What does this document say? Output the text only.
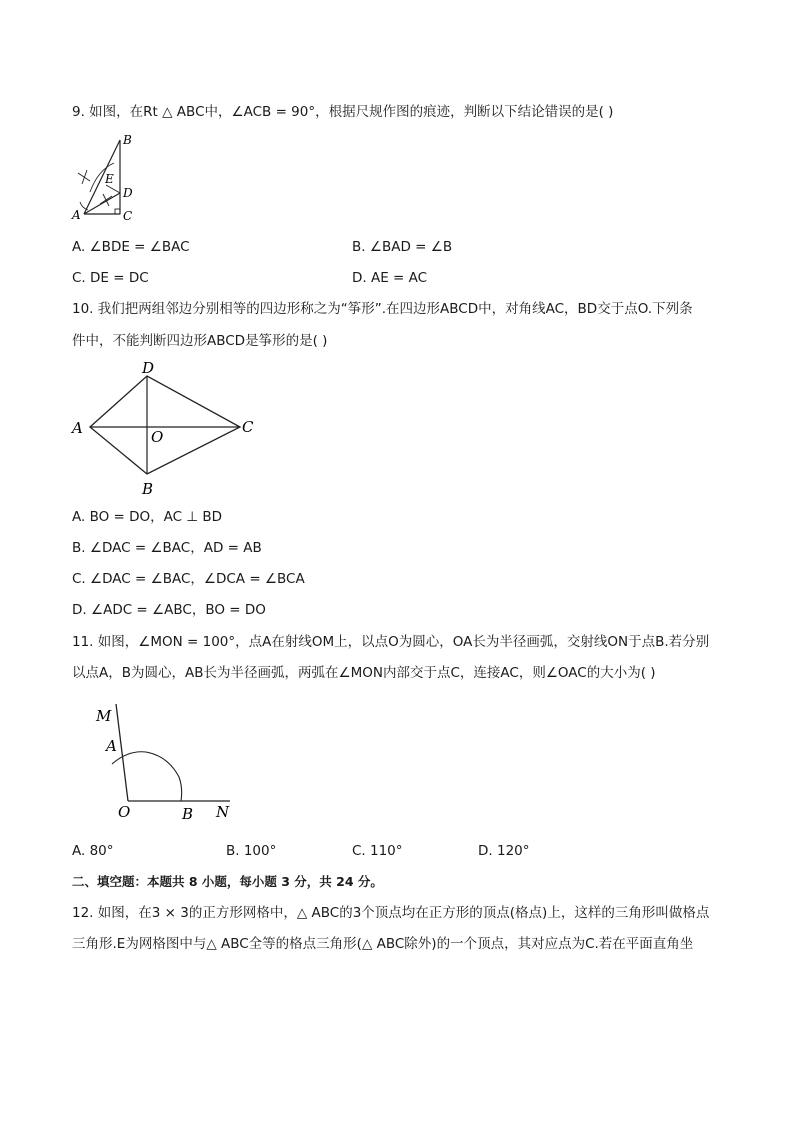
9. 如图，在Rt △ ABC中，∠ACB = 90°，根据尺规作图的痕迹，判断以下结论错误的是( )
B
E
D
A	C
A. ∠BDE = ∠BAC	B. ∠BAD = ∠B
C. DE = DC	D. AE = AC
10. 我们把两组邻边分别相等的四边形称之为“筝形”.在四边形ABCD中，对角线AC，BD交于点O.下列条
件中，不能判断四边形ABCD是筝形的是( )
D
A	O
C
B
A. BO = DO，AC ⊥ BD
B. ∠DAC = ∠BAC，AD = AB
C. ∠DAC = ∠BAC，∠DCA = ∠BCA
D. ∠ADC = ∠ABC，BO = DO
11. 如图，∠MON = 100°，点A在射线OM上，以点O为圆心，OA长为半径画弧，交射线ON于点B.若分别
以点A，B为圆心，AB长为半径画弧，两弧在∠MON内部交于点C，连接AC，则∠OAC的大小为( )
M
A
O	B N
A. 80°	B. 100°	C. 110°	D. 120°
二、填空题：本题共 8 小题，每小题 3 分，共 24 分。
12. 如图，在3 × 3的正方形网格中，△ ABC的3个顶点均在正方形的顶点(格点)上，这样的三角形叫做格点
三角形.E为网格图中与△ ABC全等的格点三角形(△ ABC除外)的一个顶点，其对应点为C.若在平面直角坐
